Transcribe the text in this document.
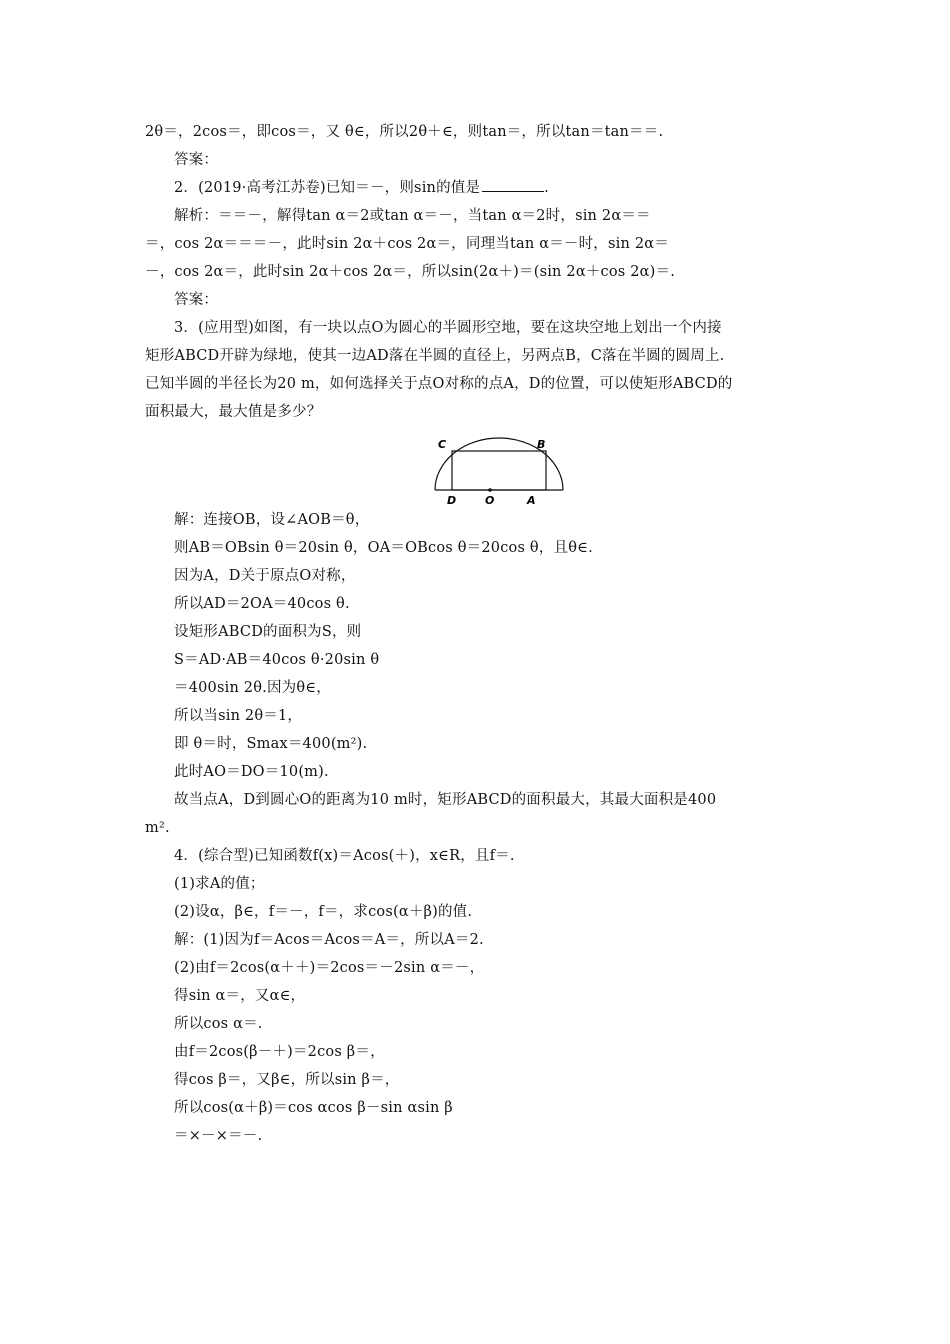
2θ＝，2cos＝，即cos＝，又 θ∈，所以2θ＋∈，则tan＝，所以tan＝tan＝＝.
答案：
2．(2019·高考江苏卷)已知＝－，则sin的值是	.
解析：＝＝－，解得tan α＝2或tan α＝－，当tan α＝2时，sin 2α＝＝
＝，cos 2α＝＝＝－，此时sin 2α＋cos 2α＝，同理当tan α＝－时，sin 2α＝
－，cos 2α＝，此时sin 2α＋cos 2α＝，所以sin(2α＋)＝(sin 2α＋cos 2α)＝.
答案：
3．(应用型)如图，有一块以点O为圆心的半圆形空地，要在这块空地上划出一个内接
矩形ABCD开辟为绿地，使其一边AD落在半圆的直径上，另两点B，C落在半圆的圆周上.
已知半圆的半径长为20 m，如何选择关于点O对称的点A，D的位置，可以使矩形ABCD的
面积最大，最大值是多少？
解：连接OB，设∠AOB＝θ，
则AB＝OBsin θ＝20sin θ，OA＝OBcos θ＝20cos θ，且θ∈.
因为A，D关于原点O对称，
所以AD＝2OA＝40cos θ.
设矩形ABCD的面积为S，则
S＝AD·AB＝40cos θ·20sin θ
＝400sin 2θ.因为θ∈，
所以当sin 2θ＝1，
即 θ＝时，Smax＝400(m²).
此时AO＝DO＝10(m).
故当点A，D到圆心O的距离为10 m时，矩形ABCD的面积最大，其最大面积是400
m².
4．(综合型)已知函数f(x)＝Acos(＋)，x∈R，且f＝.
(1)求A的值；
(2)设α，β∈，f＝－，f＝，求cos(α＋β)的值.
解：(1)因为f＝Acos＝Acos＝A＝，所以A＝2.
(2)由f＝2cos(α＋＋)＝2cos＝－2sin α＝－，
得sin α＝，又α∈，
所以cos α＝.
由f＝2cos(β－＋)＝2cos β＝，
得cos β＝，又β∈，所以sin β＝，
所以cos(α＋β)＝cos αcos β－sin αsin β
＝×－×＝－.
C	B
D	O	A
